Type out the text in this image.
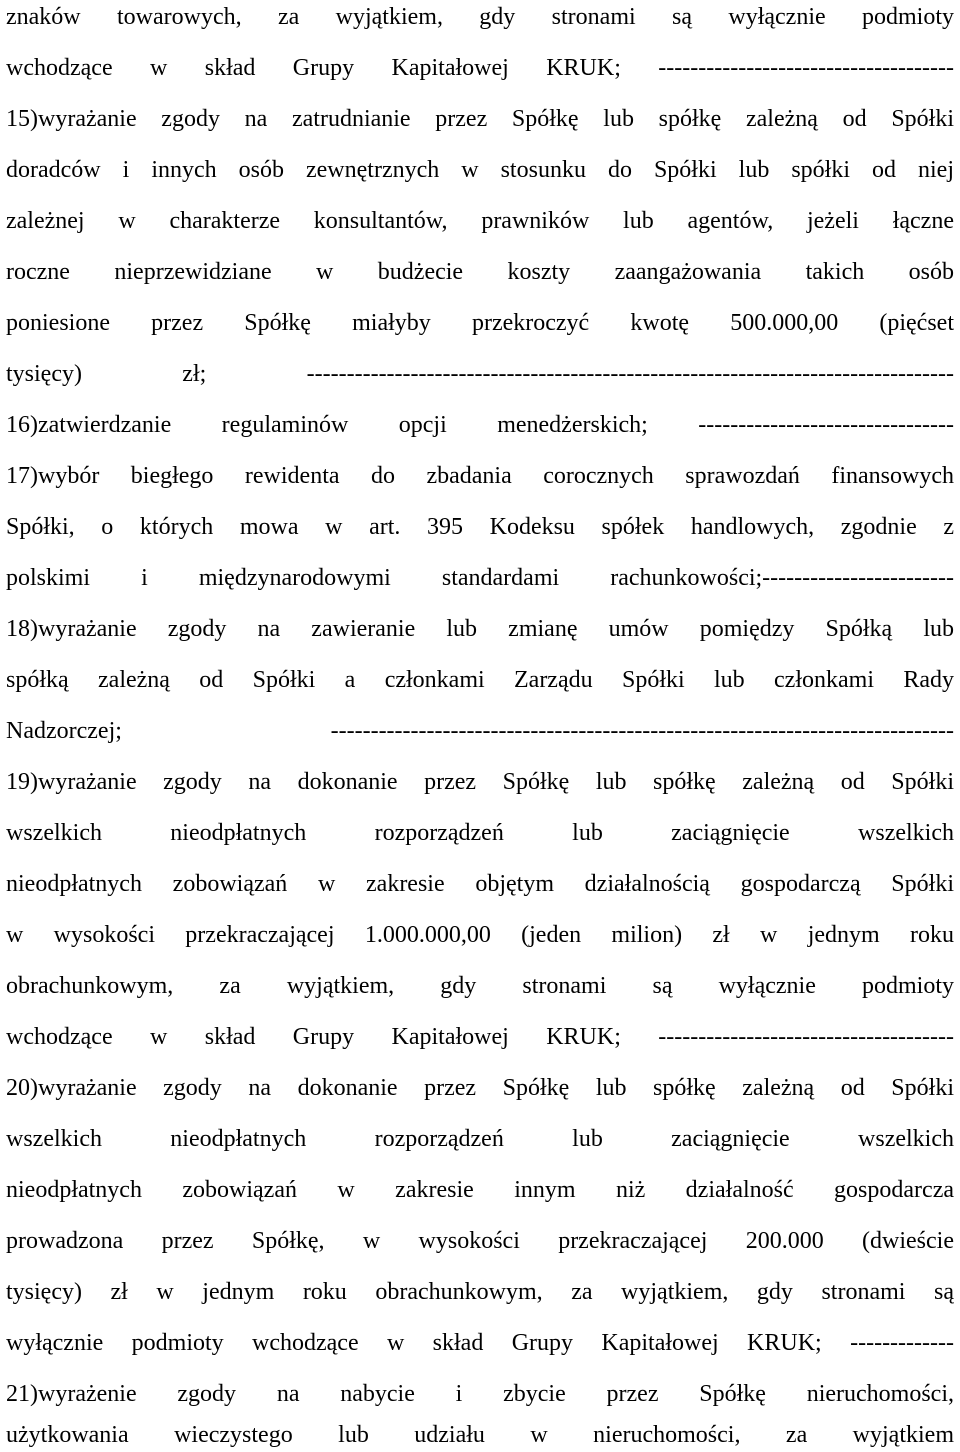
znaków towarowych, za wyjątkiem, gdy stronami są wyłącznie podmioty
wchodzące w skład Grupy Kapitałowej KRUK; -------------------------------------
15)wyrażanie zgody na zatrudnianie przez Spółkę lub spółkę zależną od Spółki
doradców i innych osób zewnętrznych w stosunku do Spółki lub spółki od niej
zależnej w charakterze konsultantów, prawników lub agentów, jeżeli łączne
roczne nieprzewidziane w budżecie koszty zaangażowania takich osób
poniesione przez Spółkę miałyby przekroczyć kwotę 500.000,00 (pięćset
tysięcy) zł; ---------------------------------------------------------------------------------
16)zatwierdzanie regulaminów opcji menedżerskich; --------------------------------
17)wybór biegłego rewidenta do zbadania corocznych sprawozdań finansowych
Spółki, o których mowa w art. 395 Kodeksu spółek handlowych, zgodnie z
polskimi i międzynarodowymi standardami rachunkowości;------------------------
18)wyrażanie zgody na zawieranie lub zmianę umów pomiędzy Spółką lub
spółką zależną od Spółki a członkami Zarządu Spółki lub członkami Rady
Nadzorczej; ------------------------------------------------------------------------------
19)wyrażanie zgody na dokonanie przez Spółkę lub spółkę zależną od Spółki
wszelkich nieodpłatnych rozporządzeń lub zaciągnięcie wszelkich
nieodpłatnych zobowiązań w zakresie objętym działalnością gospodarczą Spółki
w wysokości przekraczającej 1.000.000,00 (jeden milion) zł w jednym roku
obrachunkowym, za wyjątkiem, gdy stronami są wyłącznie podmioty
wchodzące w skład Grupy Kapitałowej KRUK; -------------------------------------
20)wyrażanie zgody na dokonanie przez Spółkę lub spółkę zależną od Spółki
wszelkich nieodpłatnych rozporządzeń lub zaciągnięcie wszelkich
nieodpłatnych zobowiązań w zakresie innym niż działalność gospodarcza
prowadzona przez Spółkę, w wysokości przekraczającej 200.000 (dwieście
tysięcy) zł w jednym roku obrachunkowym, za wyjątkiem, gdy stronami są
wyłącznie podmioty wchodzące w skład Grupy Kapitałowej KRUK; -------------
21)wyrażenie zgody na nabycie i zbycie przez Spółkę nieruchomości,
użytkowania wieczystego lub udziału w nieruchomości, za wyjątkiem
